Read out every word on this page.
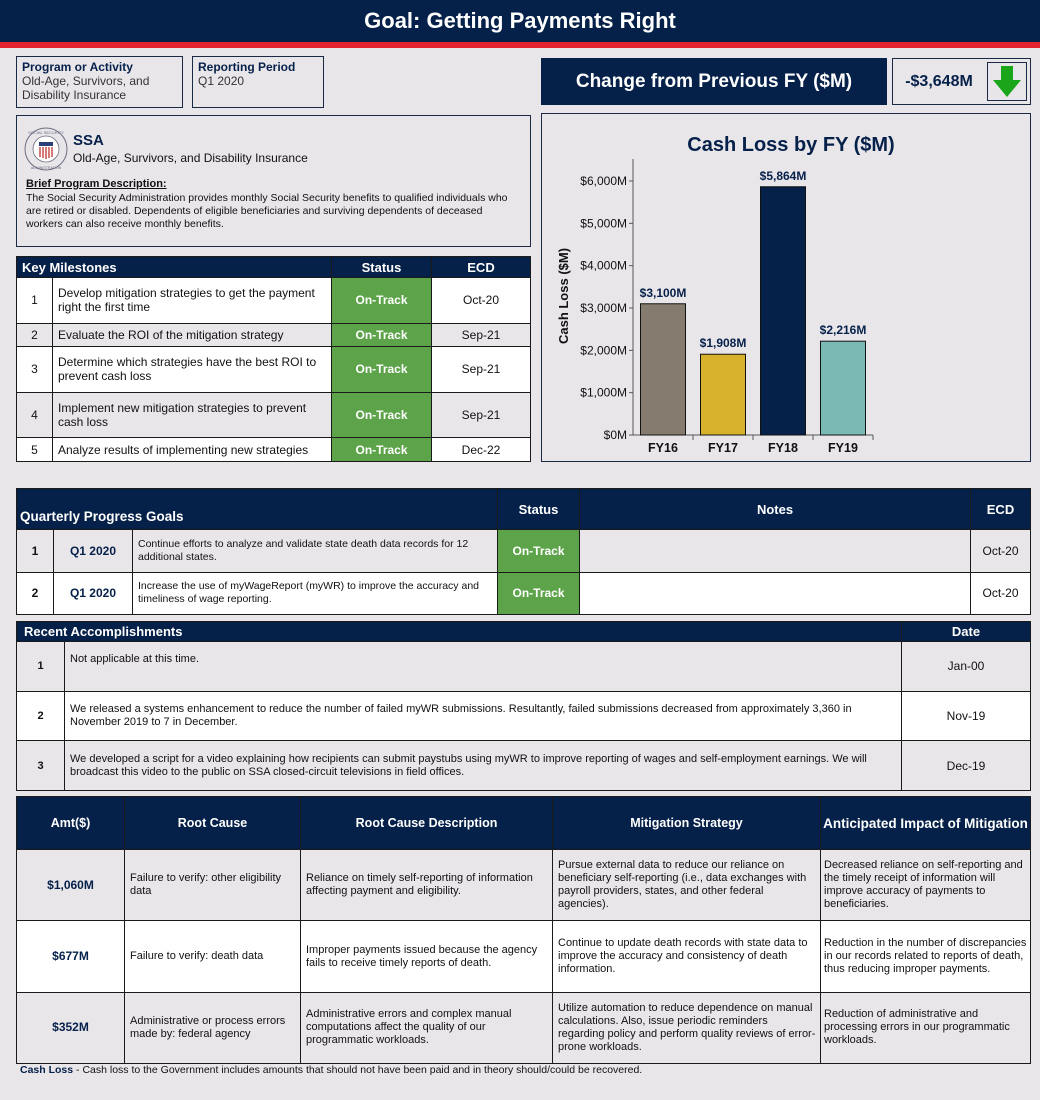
Goal: Getting Payments Right
Program or Activity
Old-Age, Survivors, and Disability Insurance
Reporting Period
Q1 2020	Change from Previous FY ($M)	-$3,648M
SOCIAL SECURITY
ADMINISTRATION
SSA
Old-Age, Survivors, and Disability Insurance
Brief Program Description:
The Social Security Administration provides monthly Social Security benefits to qualified individuals who are retired or disabled. Dependents of eligible beneficiaries and surviving dependents of deceased workers can also receive monthly benefits.
Key Milestones		Status	ECD
1	Develop mitigation strategies to get the payment right the first time	On-Track	Oct-20
2	Evaluate the ROI of the mitigation strategy	On-Track	Sep-21
3	Determine which strategies have the best ROI to prevent cash loss	On-Track	Sep-21
4	Implement new mitigation strategies to prevent cash loss	On-Track	Sep-21
5	Analyze results of implementing new strategies	On-Track	Dec-22
Cash Loss by FY ($M)
Cash Loss ($M)
$0M
$1,000M
$2,000M
$3,000M
$4,000M
$5,000M
$6,000M
$3,100M
FY16
$1,908M
FY17
$5,864M
FY18
$2,216M
FY19
Quarterly Progress Goals			Status	Notes	ECD
1	Q1 2020	Continue efforts to analyze and validate state death data records for 12 additional states.	On-Track		Oct-20
2	Q1 2020	Increase the use of myWageReport (myWR) to improve the accuracy and timeliness of wage reporting.	On-Track		Oct-20
Recent Accomplishments		Date
1	Not applicable at this time.	Jan-00
2	We released a systems enhancement to reduce the number of failed myWR submissions. Resultantly, failed submissions decreased from approximately 3,360 in November 2019 to 7 in December.	Nov-19
3	We developed a script for a video explaining how recipients can submit paystubs using myWR to improve reporting of wages and self-employment earnings. We will broadcast this video to the public on SSA closed-circuit televisions in field offices.	Dec-19
Amt($)	Root Cause	Root Cause Description	Mitigation Strategy	Anticipated Impact of Mitigation
$1,060M	Failure to verify: other eligibility data	Reliance on timely self-reporting of information affecting payment and eligibility.	Pursue external data to reduce our reliance on beneficiary self-reporting (i.e., data exchanges with payroll providers, states, and other federal agencies).	Decreased reliance on self-reporting and the timely receipt of information will improve accuracy of payments to beneficiaries.
$677M	Failure to verify: death data	Improper payments issued because the agency fails to receive timely reports of death.	Continue to update death records with state data to improve the accuracy and consistency of death information.	Reduction in the number of discrepancies in our records related to reports of death, thus reducing improper payments.
$352M	Administrative or process errors made by: federal agency	Administrative errors and complex manual computations affect the quality of our programmatic workloads.	Utilize automation to reduce dependence on manual calculations. Also, issue periodic reminders regarding policy and perform quality reviews of error-prone workloads.	Reduction of administrative and processing errors in our programmatic workloads.
Cash Loss - Cash loss to the Government includes amounts that should not have been paid and in theory should/could be recovered.
